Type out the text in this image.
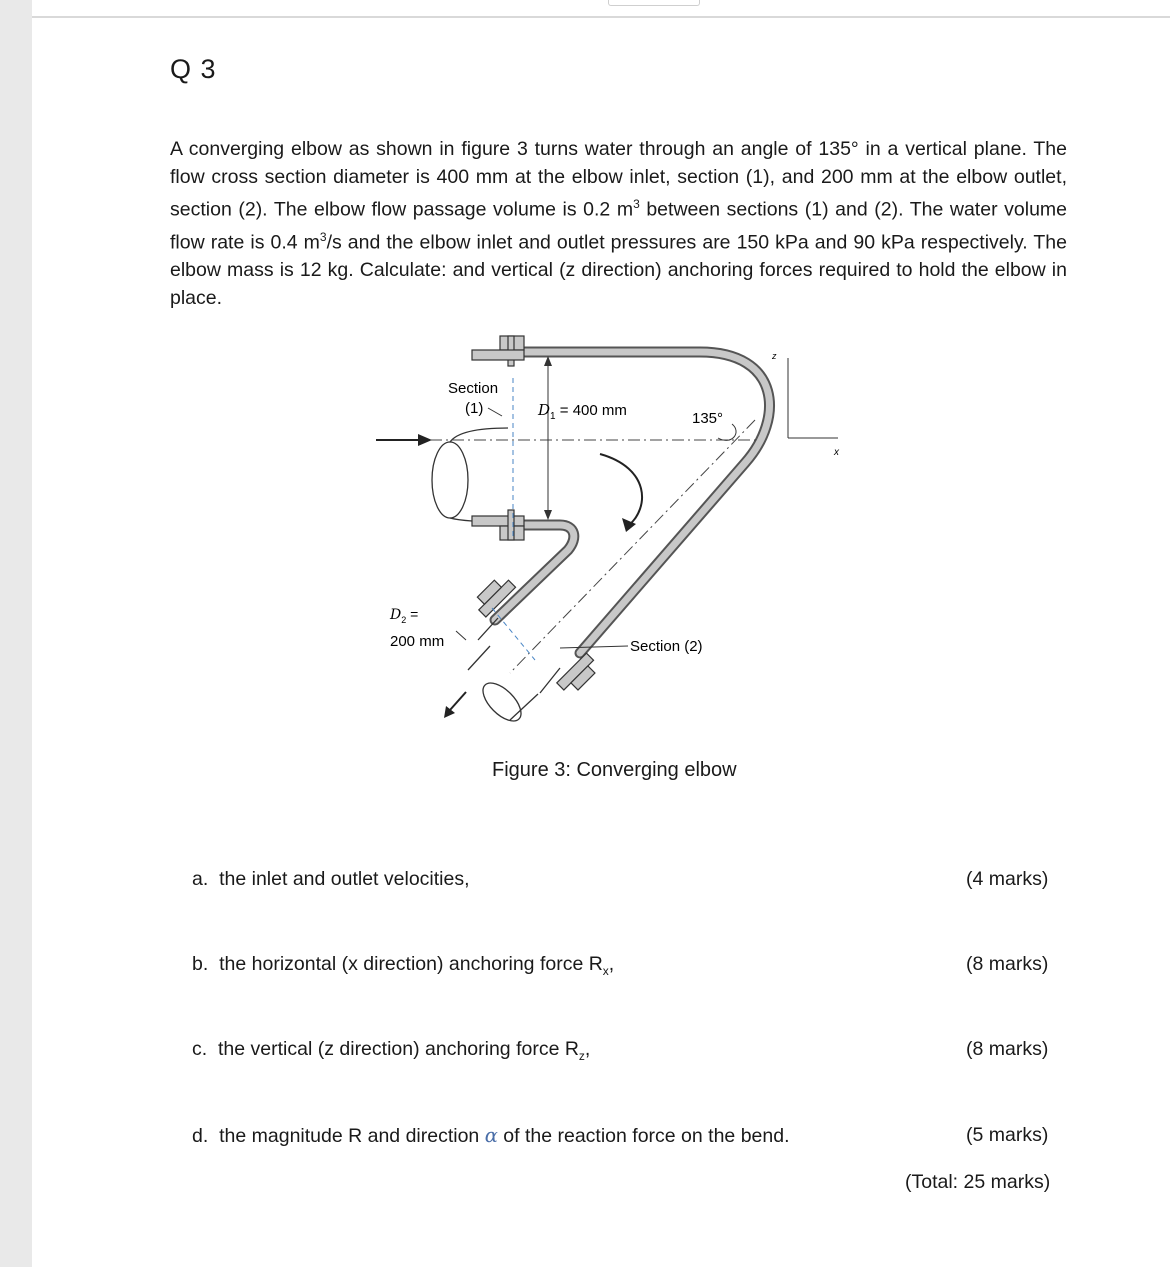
Q 3
A converging elbow as shown in figure 3 turns water through an angle of 135° in a vertical plane. The flow cross section diameter is 400 mm at the elbow inlet, section (1), and 200 mm at the elbow outlet, section (2). The elbow flow passage volume is 0.2 $m^3$ between sections (1) and (2). The water volume flow rate is 0.4 $m^3/s$ and the elbow inlet and outlet pressures are 150 kPa and 90 kPa respectively. The elbow mass is 12 kg. Calculate: and vertical (z direction) anchoring forces required to hold the elbow in place.
z
x
Section
(1)	$D_1 = 400$ mm	135°
$D_2$ =
200 mm	Section (2)
Figure 3: Converging elbow
a. the inlet and outlet velocities,	(4 marks)
b. the horizontal (x direction) anchoring force $R_x$,	(8 marks)
c. the vertical (z direction) anchoring force $R_z$,	(8 marks)
d. the magnitude R and direction α of the reaction force on the bend.	(5 marks)
(Total: 25 marks)
